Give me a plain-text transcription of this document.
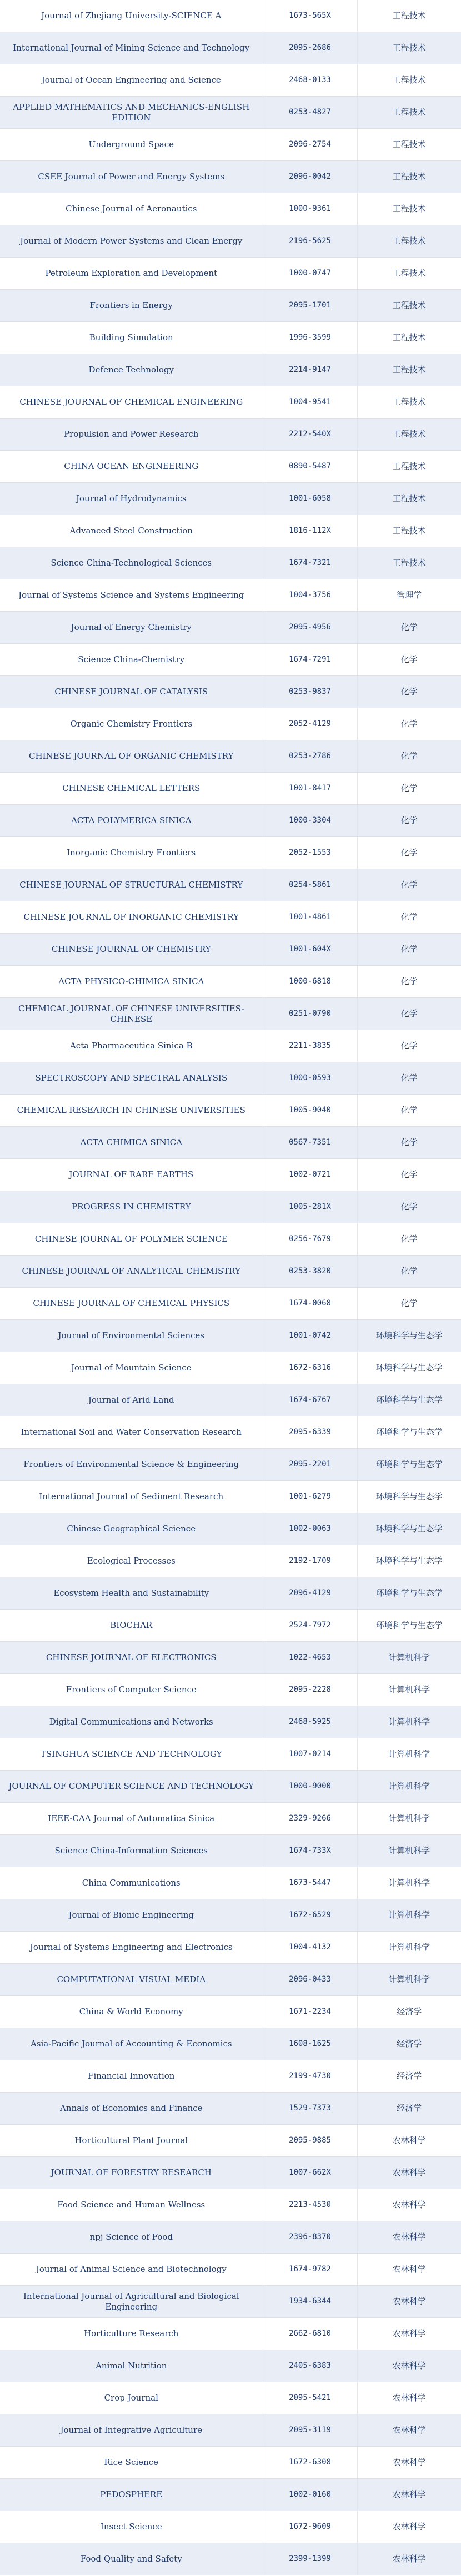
Journal of Zhejiang University-SCIENCE A	1673-565X	工程技术
International Journal of Mining Science and Technology	2095-2686	工程技术
Journal of Ocean Engineering and Science	2468-0133	工程技术
APPLIED MATHEMATICS AND MECHANICS-ENGLISH EDITION	0253-4827	工程技术
Underground Space	2096-2754	工程技术
CSEE Journal of Power and Energy Systems	2096-0042	工程技术
Chinese Journal of Aeronautics	1000-9361	工程技术
Journal of Modern Power Systems and Clean Energy	2196-5625	工程技术
Petroleum Exploration and Development	1000-0747	工程技术
Frontiers in Energy	2095-1701	工程技术
Building Simulation	1996-3599	工程技术
Defence Technology	2214-9147	工程技术
CHINESE JOURNAL OF CHEMICAL ENGINEERING	1004-9541	工程技术
Propulsion and Power Research	2212-540X	工程技术
CHINA OCEAN ENGINEERING	0890-5487	工程技术
Journal of Hydrodynamics	1001-6058	工程技术
Advanced Steel Construction	1816-112X	工程技术
Science China-Technological Sciences	1674-7321	工程技术
Journal of Systems Science and Systems Engineering	1004-3756	管理学
Journal of Energy Chemistry	2095-4956	化学
Science China-Chemistry	1674-7291	化学
CHINESE JOURNAL OF CATALYSIS	0253-9837	化学
Organic Chemistry Frontiers	2052-4129	化学
CHINESE JOURNAL OF ORGANIC CHEMISTRY	0253-2786	化学
CHINESE CHEMICAL LETTERS	1001-8417	化学
ACTA POLYMERICA SINICA	1000-3304	化学
Inorganic Chemistry Frontiers	2052-1553	化学
CHINESE JOURNAL OF STRUCTURAL CHEMISTRY	0254-5861	化学
CHINESE JOURNAL OF INORGANIC CHEMISTRY	1001-4861	化学
CHINESE JOURNAL OF CHEMISTRY	1001-604X	化学
ACTA PHYSICO-CHIMICA SINICA	1000-6818	化学
CHEMICAL JOURNAL OF CHINESE UNIVERSITIES-CHINESE	0251-0790	化学
Acta Pharmaceutica Sinica B	2211-3835	化学
SPECTROSCOPY AND SPECTRAL ANALYSIS	1000-0593	化学
CHEMICAL RESEARCH IN CHINESE UNIVERSITIES	1005-9040	化学
ACTA CHIMICA SINICA	0567-7351	化学
JOURNAL OF RARE EARTHS	1002-0721	化学
PROGRESS IN CHEMISTRY	1005-281X	化学
CHINESE JOURNAL OF POLYMER SCIENCE	0256-7679	化学
CHINESE JOURNAL OF ANALYTICAL CHEMISTRY	0253-3820	化学
CHINESE JOURNAL OF CHEMICAL PHYSICS	1674-0068	化学
Journal of Environmental Sciences	1001-0742	环境科学与生态学
Journal of Mountain Science	1672-6316	环境科学与生态学
Journal of Arid Land	1674-6767	环境科学与生态学
International Soil and Water Conservation Research	2095-6339	环境科学与生态学
Frontiers of Environmental Science & Engineering	2095-2201	环境科学与生态学
International Journal of Sediment Research	1001-6279	环境科学与生态学
Chinese Geographical Science	1002-0063	环境科学与生态学
Ecological Processes	2192-1709	环境科学与生态学
Ecosystem Health and Sustainability	2096-4129	环境科学与生态学
BIOCHAR	2524-7972	环境科学与生态学
CHINESE JOURNAL OF ELECTRONICS	1022-4653	计算机科学
Frontiers of Computer Science	2095-2228	计算机科学
Digital Communications and Networks	2468-5925	计算机科学
TSINGHUA SCIENCE AND TECHNOLOGY	1007-0214	计算机科学
JOURNAL OF COMPUTER SCIENCE AND TECHNOLOGY	1000-9000	计算机科学
IEEE-CAA Journal of Automatica Sinica	2329-9266	计算机科学
Science China-Information Sciences	1674-733X	计算机科学
China Communications	1673-5447	计算机科学
Journal of Bionic Engineering	1672-6529	计算机科学
Journal of Systems Engineering and Electronics	1004-4132	计算机科学
COMPUTATIONAL VISUAL MEDIA	2096-0433	计算机科学
China & World Economy	1671-2234	经济学
Asia-Pacific Journal of Accounting & Economics	1608-1625	经济学
Financial Innovation	2199-4730	经济学
Annals of Economics and Finance	1529-7373	经济学
Horticultural Plant Journal	2095-9885	农林科学
JOURNAL OF FORESTRY RESEARCH	1007-662X	农林科学
Food Science and Human Wellness	2213-4530	农林科学
npj Science of Food	2396-8370	农林科学
Journal of Animal Science and Biotechnology	1674-9782	农林科学
International Journal of Agricultural and Biological Engineering	1934-6344	农林科学
Horticulture Research	2662-6810	农林科学
Animal Nutrition	2405-6383	农林科学
Crop Journal	2095-5421	农林科学
Journal of Integrative Agriculture	2095-3119	农林科学
Rice Science	1672-6308	农林科学
PEDOSPHERE	1002-0160	农林科学
Insect Science	1672-9609	农林科学
Food Quality and Safety	2399-1399	农林科学
